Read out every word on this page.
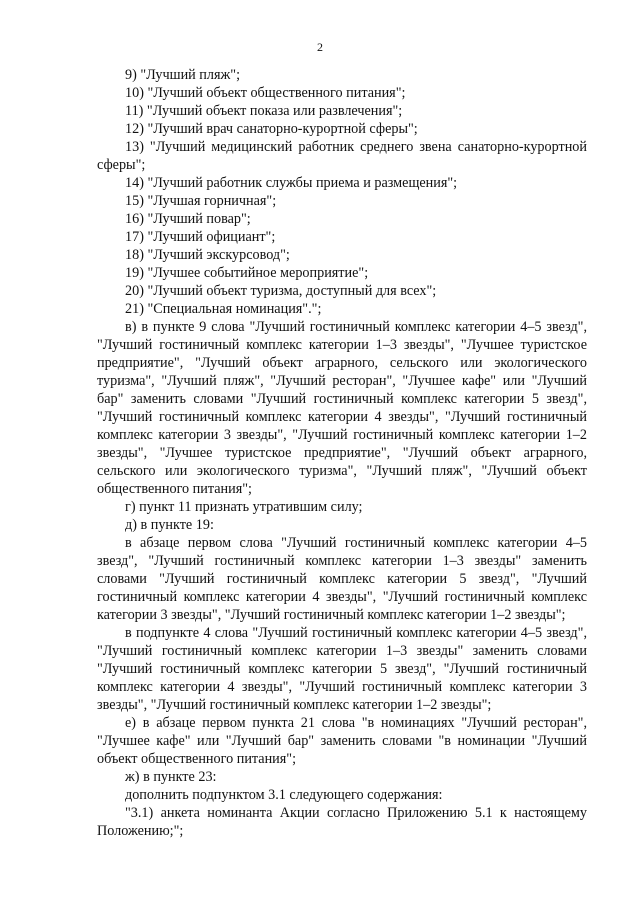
2

9) "Лучший пляж";

10) "Лучший объект общественного питания";

11) "Лучший объект показа или развлечения";

12) "Лучший врач санаторно-курортной сферы";

13) "Лучший медицинский работник среднего звена санаторно-курортной сферы";

14) "Лучший работник службы приема и размещения";

15) "Лучшая горничная";

16) "Лучший повар";

17) "Лучший официант";

18) "Лучший экскурсовод";

19) "Лучшее событийное мероприятие";

20) "Лучший объект туризма, доступный для всех";

21) "Специальная номинация".";

в) в пункте 9 слова "Лучший гостиничный комплекс категории 4–5 звезд", "Лучший гостиничный комплекс категории 1–3 звезды", "Лучшее туристское предприятие", "Лучший объект аграрного, сельского или экологического туризма", "Лучший пляж", "Лучший ресторан", "Лучшее кафе" или "Лучший бар" заменить словами "Лучший гостиничный комплекс категории 5 звезд", "Лучший гостиничный комплекс категории 4 звезды", "Лучший гостиничный комплекс категории 3 звезды", "Лучший гостиничный комплекс категории 1–2 звезды", "Лучшее туристское предприятие", "Лучший объект аграрного, сельского или экологического туризма", "Лучший пляж", "Лучший объект общественного питания";

г) пункт 11 признать утратившим силу;

д) в пункте 19:

в абзаце первом слова "Лучший гостиничный комплекс категории 4–5 звезд", "Лучший гостиничный комплекс категории 1–3 звезды" заменить словами "Лучший гостиничный комплекс категории 5 звезд", "Лучший гостиничный комплекс категории 4 звезды", "Лучший гостиничный комплекс категории 3 звезды", "Лучший гостиничный комплекс категории 1–2 звезды";

в подпункте 4 слова "Лучший гостиничный комплекс категории 4–5 звезд", "Лучший гостиничный комплекс категории 1–3 звезды" заменить словами "Лучший гостиничный комплекс категории 5 звезд", "Лучший гостиничный комплекс категории 4 звезды", "Лучший гостиничный комплекс категории 3 звезды", "Лучший гостиничный комплекс категории 1–2 звезды";

е) в абзаце первом пункта 21 слова "в номинациях "Лучший ресторан", "Лучшее кафе" или "Лучший бар" заменить словами "в номинации "Лучший объект общественного питания";

ж) в пункте 23:

дополнить подпунктом 3.1 следующего содержания:

"3.1) анкета номинанта Акции согласно Приложению 5.1 к настоящему Положению;";
